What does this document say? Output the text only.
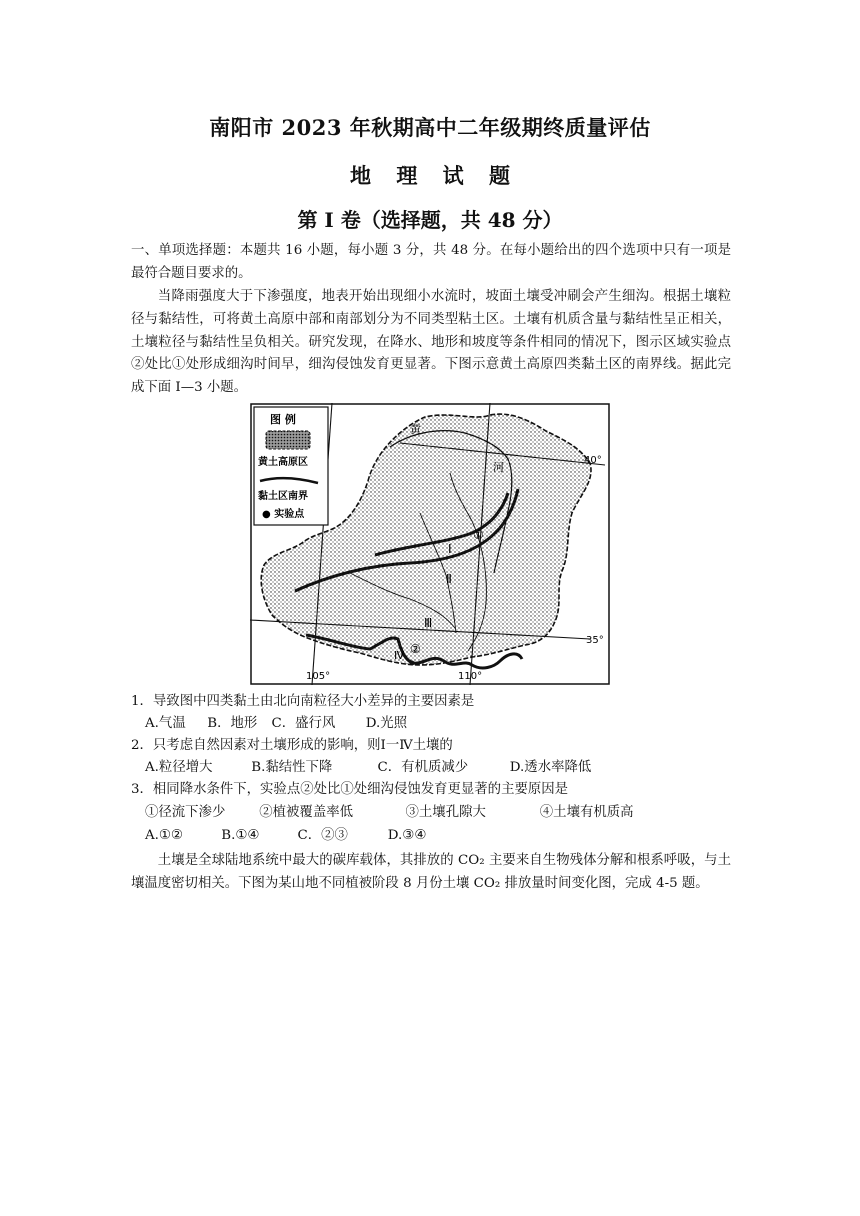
南阳市 2023 年秋期高中二年级期终质量评估
地 理 试 题
第 I 卷（选择题，共 48 分）

一、单项选择题：本题共 16 小题，每小题 3 分，共 48 分。在每小题给出的四个选项中只有一项是最符合题目要求的。

当降雨强度大于下渗强度，地表开始出现细小水流时，坡面土壤受冲刷会产生细沟。根据土壤粒径与黏结性，可将黄土高原中部和南部划分为不同类型粘土区。土壤有机质含量与黏结性呈正相关，土壤粒径与黏结性呈负相关。研究发现，在降水、地形和坡度等条件相同的情况下，图示区域实验点②处比①处形成细沟时间早，细沟侵蚀发育更显著。下图示意黄土高原四类黏土区的南界线。据此完成下面 I—3 小题。

Ⅰ
Ⅱ
Ⅲ
Ⅳ
①
②
黄
河
40°
35°
105°	110°
图 例
黄土高原区
黏土区南界
● 实验点

1．导致图中四类黏土由北向南粒径大小差异的主要因素是

A.气温 B．地形 C．盛行风 D.光照

2．只考虑自然因素对土壤形成的影响，则Ⅰ一Ⅳ土壤的

A.粒径增大	B.黏结性下降	C．有机质减少	D.透水率降低

3．相同降水条件下，实验点②处比①处细沟侵蚀发育更显著的主要原因是

①径流下渗少	②植被覆盖率低	③土壤孔隙大	④土壤有机质高
A.①②	B.①④	C．②③	D.③④

土壤是全球陆地系统中最大的碳库载体，其排放的 CO₂ 主要来自生物残体分解和根系呼吸，与土壤温度密切相关。下图为某山地不同植被阶段 8 月份土壤 CO₂ 排放量时间变化图，完成 4-5 题。
